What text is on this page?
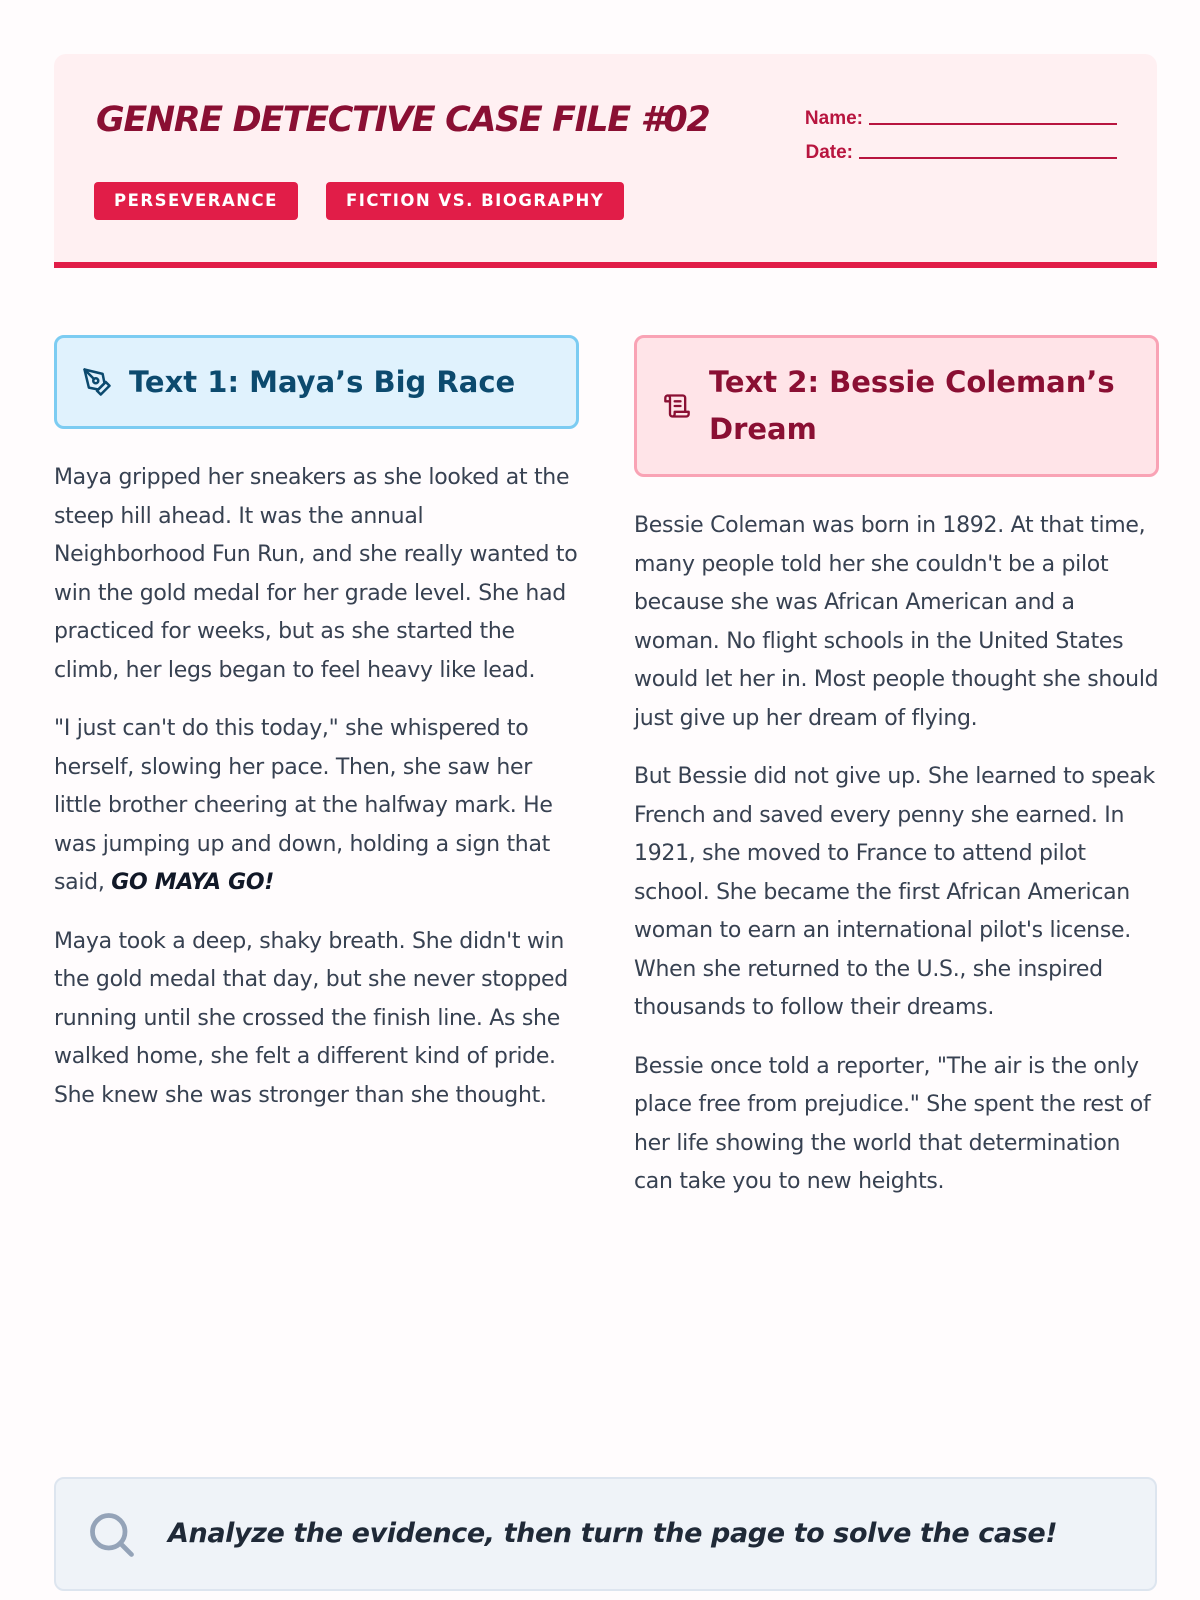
GENRE DETECTIVE CASE FILE #02	Name:
Date:
PERSEVERANCE	FICTION VS. BIOGRAPHY
Text 1: Maya’s Big Race

Maya gripped her sneakers as she looked at the steep hill ahead. It was the annual Neighborhood Fun Run, and she really wanted to win the gold medal for her grade level. She had practiced for weeks, but as she started the climb, her legs began to feel heavy like lead.

"I just can't do this today," she whispered to herself, slowing her pace. Then, she saw her little brother cheering at the halfway mark. He was jumping up and down, holding a sign that said, GO MAYA GO!

Maya took a deep, shaky breath. She didn't win the gold medal that day, but she never stopped running until she crossed the finish line. As she walked home, she felt a different kind of pride. She knew she was stronger than she thought.

Text 2: Bessie Coleman’s Dream

Bessie Coleman was born in 1892. At that time, many people told her she couldn't be a pilot because she was African American and a woman. No flight schools in the United States would let her in. Most people thought she should just give up her dream of flying.

But Bessie did not give up. She learned to speak French and saved every penny she earned. In 1921, she moved to France to attend pilot school. She became the first African American woman to earn an international pilot's license. When she returned to the U.S., she inspired thousands to follow their dreams.

Bessie once told a reporter, "The air is the only place free from prejudice." She spent the rest of her life showing the world that determination can take you to new heights.

Analyze the evidence, then turn the page to solve the case!
